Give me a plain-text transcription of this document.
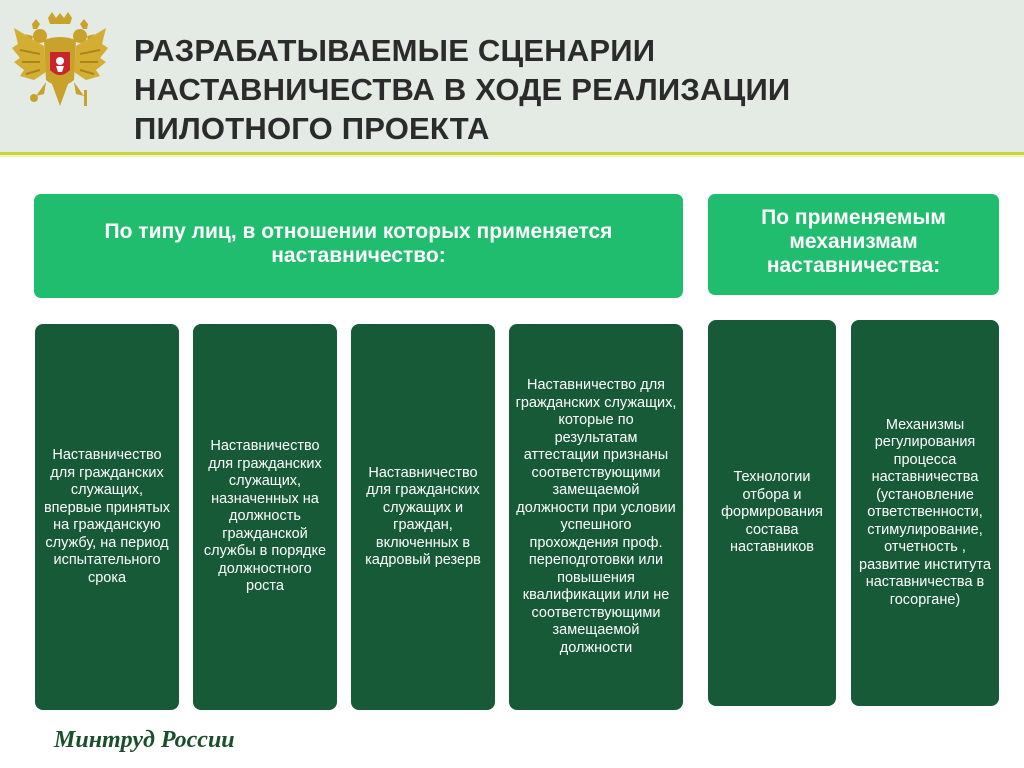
РАЗРАБАТЫВАЕМЫЕ СЦЕНАРИИ
НАСТАВНИЧЕСТВА В ХОДЕ РЕАЛИЗАЦИИ
ПИЛОТНОГО ПРОЕКТА
По типу лиц, в отношении которых применяется наставничество:
По применяемым механизмам наставничества:
Наставничество для гражданских служащих, впервые принятых на гражданскую службу, на период испытательного срока
Наставничество для гражданских служащих, назначенных на должность гражданской службы в порядке должностного роста
Наставничество для гражданских служащих и граждан, включенных в кадровый резерв
Наставничество для гражданских служащих, которые по результатам аттестации признаны соответствующими замещаемой должности при условии успешного прохождения проф. переподготовки или повышения квалификации или не соответствующими замещаемой должности
Технологии отбора и формирования состава наставников
Механизмы регулирования процесса наставничества (установление ответственности, стимулирование, отчетность , развитие института наставничества в госоргане)
Минтруд России
